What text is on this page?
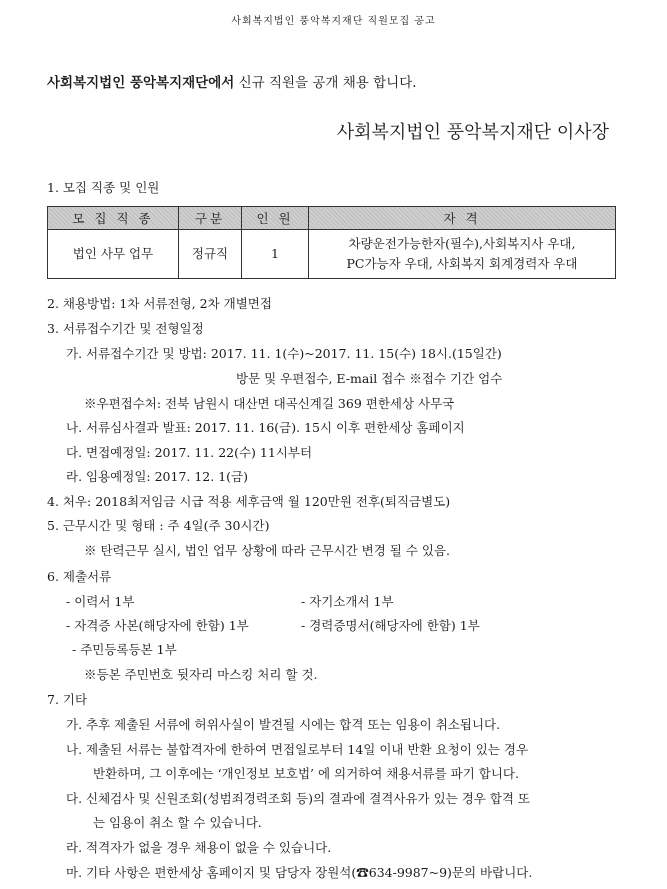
사회복지법인 풍악복지재단 직원모집 공고
사회복지법인 풍악복지재단에서 신규 직원을 공개 채용 합니다.
사회복지법인 풍악복지재단 이사장
1. 모집 직종 및 인원
모 집 직 종	구분	인 원	자 격
법인 사무 업무	정규직	1	차량운전가능한자(필수),사회복지사 우대,
PC가능자 우대, 사회복지 회계경력자 우대
2. 채용방법: 1차 서류전형, 2차 개별면접
3. 서류접수기간 및 전형일정
가. 서류접수기간 및 방법: 2017. 11. 1(수)~2017. 11. 15(수) 18시.(15일간)
방문 및 우편접수, E-mail 접수 ※접수 기간 엄수
※우편접수처: 전북 남원시 대산면 대곡신계길 369 편한세상 사무국
나. 서류심사결과 발표: 2017. 11. 16(금). 15시 이후 편한세상 홈페이지
다. 면접예정일: 2017. 11. 22(수) 11시부터
라. 임용예정일: 2017. 12. 1(금)
4. 처우: 2018최저임금 시급 적용 세후금액 월 120만원 전후(퇴직금별도)
5. 근무시간 및 형태 : 주 4일(주 30시간)
※ 탄력근무 실시, 법인 업무 상황에 따라 근무시간 변경 될 수 있음.
6. 제출서류
- 이력서 1부	- 자기소개서 1부
- 자격증 사본(해당자에 한함) 1부	- 경력증명서(해당자에 한함) 1부
- 주민등록등본 1부
※등본 주민번호 뒷자리 마스킹 처리 할 것.
7. 기타
가. 추후 제출된 서류에 허위사실이 발견될 시에는 합격 또는 임용이 취소됩니다.
나. 제출된 서류는 불합격자에 한하여 면접일로부터 14일 이내 반환 요청이 있는 경우
반환하며, 그 이후에는 ‘개인정보 보호법’ 에 의거하여 채용서류를 파기 합니다.
다. 신체검사 및 신원조회(성범죄경력조회 등)의 결과에 결격사유가 있는 경우 합격 또
는 임용이 취소 할 수 있습니다.
라. 적격자가 없을 경우 채용이 없을 수 있습니다.
마. 기타 사항은 편한세상 홈페이지 및 담당자 장원석(☎634-9987~9)문의 바랍니다.
